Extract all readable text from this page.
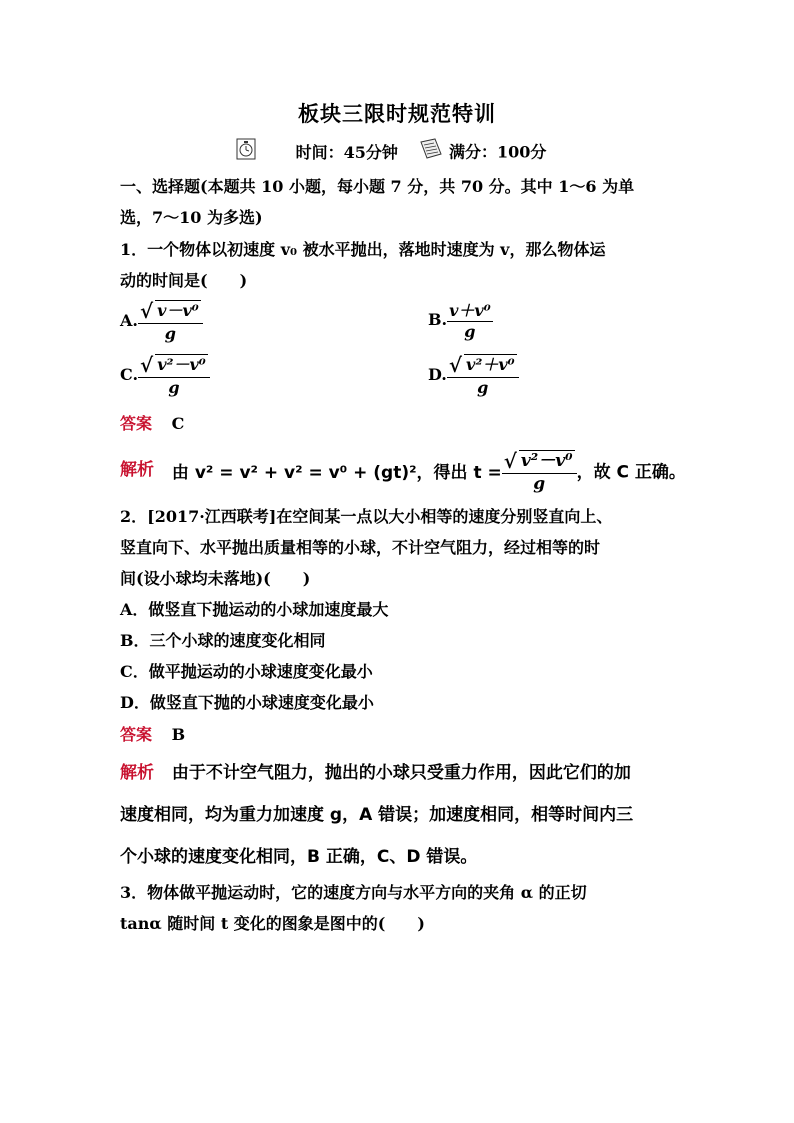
板块三限时规范特训
时间：45分钟	满分：100分
一、选择题(本题共 10 小题，每小题 7 分，共 70 分。其中 1～6 为单
选，7～10 为多选)
1．一个物体以初速度 v₀ 被水平抛出，落地时速度为 v，那么物体运
动的时间是(　　)
A. $\frac{\text{√ v－v⁰}}{g}$	B. $\frac{\text{v＋v⁰}}{g}$
C. $\frac{\text{√ v²－v⁰}}{g}$	D. $\frac{\text{√ v²＋v⁰}}{g}$
答案 C
解析 由 v² = v² + v² = v⁰ + (gt)²，得出 $t = \frac{\text{√ v²－v⁰}}{g}$ ，故 C 正确。
2．[2017·江西联考]在空间某一点以大小相等的速度分别竖直向上、
竖直向下、水平抛出质量相等的小球，不计空气阻力，经过相等的时
间(设小球均未落地)(　　)
A．做竖直下抛运动的小球加速度最大
B．三个小球的速度变化相同
C．做平抛运动的小球速度变化最小
D．做竖直下抛的小球速度变化最小
答案 B
解析 由于不计空气阻力，抛出的小球只受重力作用，因此它们的加
速度相同，均为重力加速度 g，A 错误；加速度相同，相等时间内三
个小球的速度变化相同，B 正确，C、D 错误。
3．物体做平抛运动时，它的速度方向与水平方向的夹角 α 的正切
tanα 随时间 t 变化的图象是图中的(　　)
